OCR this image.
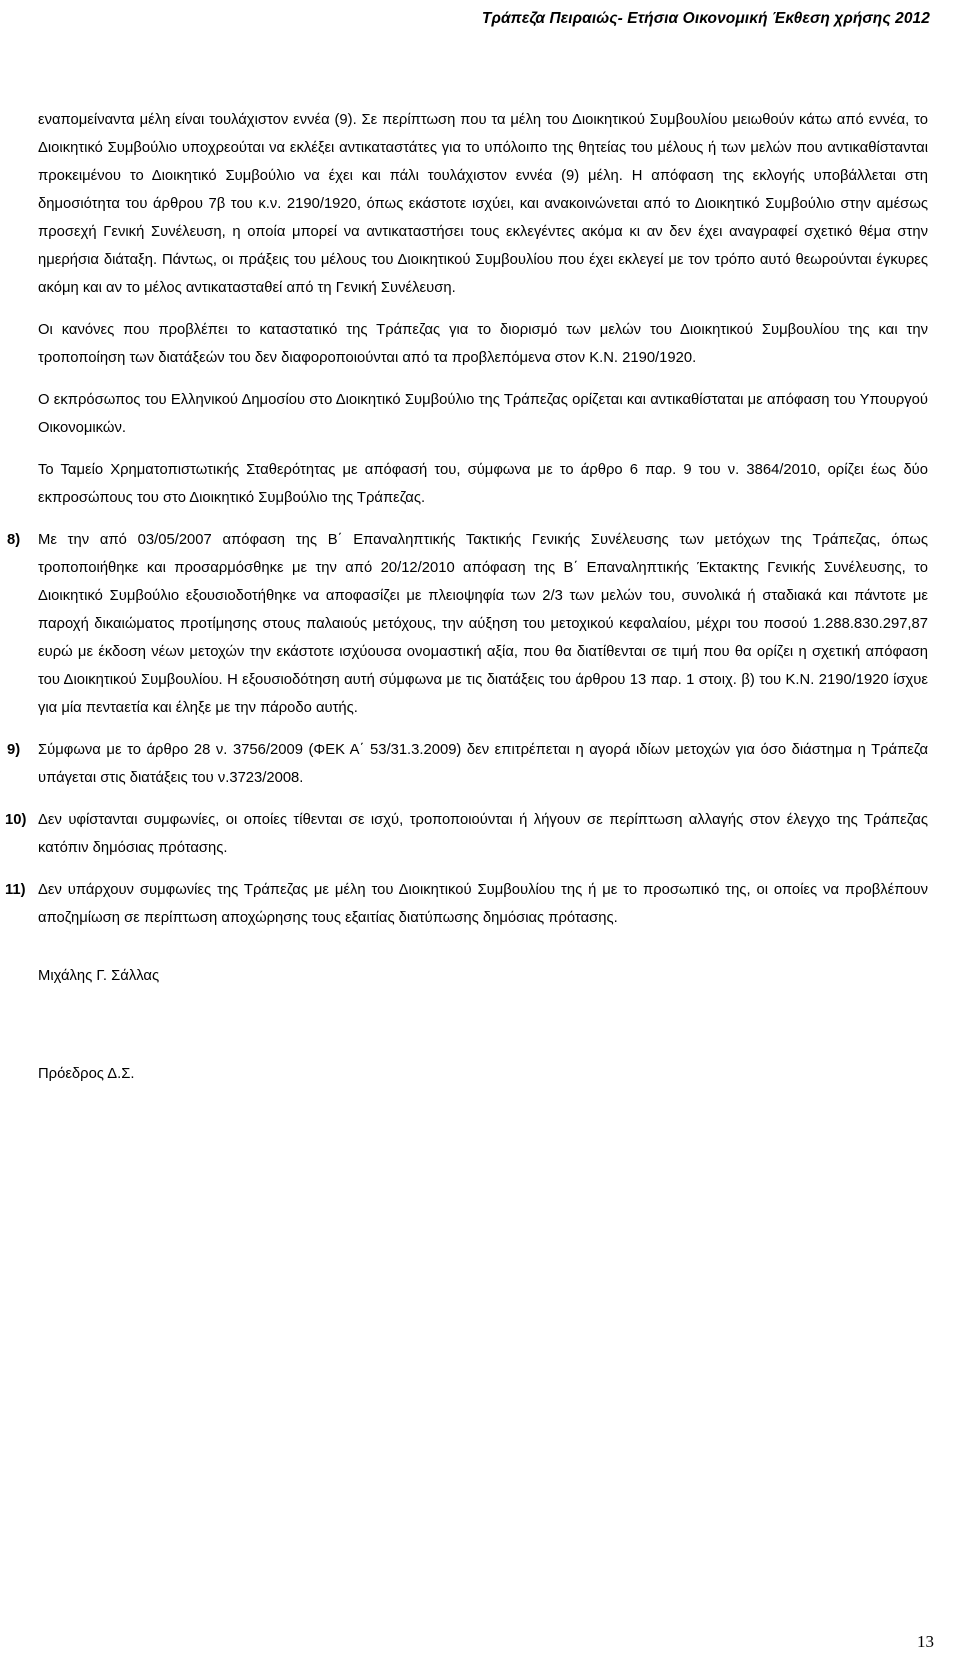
Τράπεζα Πειραιώς- Ετήσια Οικονομική Έκθεση χρήσης 2012

εναπομείναντα μέλη είναι τουλάχιστον εννέα (9). Σε περίπτωση που τα μέλη του Διοικητικού Συμβουλίου μειωθούν κάτω από εννέα, το Διοικητικό Συμβούλιο υποχρεούται να εκλέξει αντικαταστάτες για το υπόλοιπο της θητείας του μέλους ή των μελών που αντικαθίστανται προκειμένου το Διοικητικό Συμβούλιο να έχει και πάλι τουλάχιστον εννέα (9) μέλη. Η απόφαση της εκλογής υποβάλλεται στη δημοσιότητα του άρθρου 7β του κ.ν. 2190/1920, όπως εκάστοτε ισχύει, και ανακοινώνεται από το Διοικητικό Συμβούλιο στην αμέσως προσεχή Γενική Συνέλευση, η οποία μπορεί να αντικαταστήσει τους εκλεγέντες ακόμα κι αν δεν έχει αναγραφεί σχετικό θέμα στην ημερήσια διάταξη. Πάντως, οι πράξεις του μέλους του Διοικητικού Συμβουλίου που έχει εκλεγεί με τον τρόπο αυτό θεωρούνται έγκυρες ακόμη και αν το μέλος αντικατασταθεί από τη Γενική Συνέλευση.

Οι κανόνες που προβλέπει το καταστατικό της Τράπεζας για το διορισμό των μελών του Διοικητικού Συμβουλίου της και την τροποποίηση των διατάξεών του δεν διαφοροποιούνται από τα προβλεπόμενα στον Κ.Ν. 2190/1920.

Ο εκπρόσωπος του Ελληνικού Δημοσίου στο Διοικητικό Συμβούλιο της Τράπεζας ορίζεται και αντικαθίσταται με απόφαση του Υπουργού Οικονομικών.

Το Ταμείο Χρηματοπιστωτικής Σταθερότητας με απόφασή του, σύμφωνα με το άρθρο 6 παρ. 9 του ν. 3864/2010, ορίζει έως δύο εκπροσώπους του στο Διοικητικό Συμβούλιο της Τράπεζας.

8) Με την από 03/05/2007 απόφαση της Β΄ Επαναληπτικής Τακτικής Γενικής Συνέλευσης των μετόχων της Τράπεζας, όπως τροποποιήθηκε και προσαρμόσθηκε με την από 20/12/2010 απόφαση της Β΄ Επαναληπτικής Έκτακτης Γενικής Συνέλευσης, το Διοικητικό Συμβούλιο εξουσιοδοτήθηκε να αποφασίζει με πλειοψηφία των 2/3 των μελών του, συνολικά ή σταδιακά και πάντοτε με παροχή δικαιώματος προτίμησης στους παλαιούς μετόχους, την αύξηση του μετοχικού κεφαλαίου, μέχρι του ποσού 1.288.830.297,87 ευρώ με έκδοση νέων μετοχών την εκάστοτε ισχύουσα ονομαστική αξία, που θα διατίθενται σε τιμή που θα ορίζει η σχετική απόφαση του Διοικητικού Συμβουλίου. Η εξουσιοδότηση αυτή σύμφωνα με τις διατάξεις του άρθρου 13 παρ. 1 στοιχ. β) του Κ.Ν. 2190/1920 ίσχυε για μία πενταετία και έληξε με την πάροδο αυτής.
9) Σύμφωνα με το άρθρο 28 ν. 3756/2009 (ΦΕΚ Α΄ 53/31.3.2009) δεν επιτρέπεται η αγορά ιδίων μετοχών για όσο διάστημα η Τράπεζα υπάγεται στις διατάξεις του ν.3723/2008.
10) Δεν υφίστανται συμφωνίες, οι οποίες τίθενται σε ισχύ, τροποποιούνται ή λήγουν σε περίπτωση αλλαγής στον έλεγχο της Τράπεζας κατόπιν δημόσιας πρότασης.
11) Δεν υπάρχουν συμφωνίες της Τράπεζας με μέλη του Διοικητικού Συμβουλίου της ή με το προσωπικό της, οι οποίες να προβλέπουν αποζημίωση σε περίπτωση αποχώρησης τους εξαιτίας διατύπωσης δημόσιας πρότασης.
Μιχάλης Γ. Σάλλας
Πρόεδρος Δ.Σ.
13
